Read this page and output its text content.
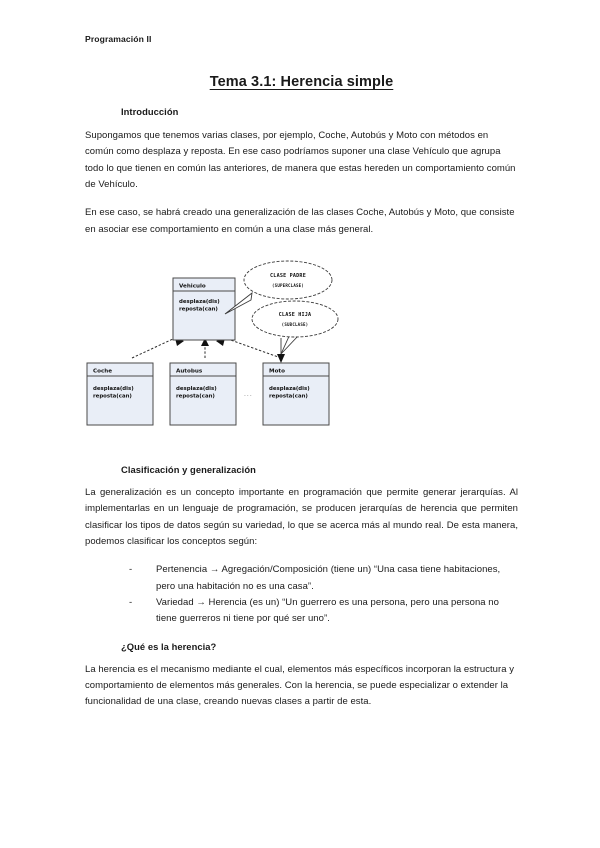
Programación II
Tema 3.1: Herencia simple
Introducción

Supongamos que tenemos varias clases, por ejemplo, Coche, Autobús y Moto con métodos en común como desplaza y reposta. En ese caso podríamos suponer una clase Vehículo que agrupa todo lo que tienen en común las anteriores, de manera que estas hereden un comportamiento común de Vehículo.

En ese caso, se habrá creado una generalización de las clases Coche, Autobús y Moto, que consiste en asociar ese comportamiento en común a una clase más general.

Vehiculo
desplaza(dis)
reposta(can)
CLASE PADRE
(SUPERCLASE)
CLASE HIJA
(SUBCLASE)
Coche
desplaza(dis)
reposta(can)
Autobus
desplaza(dis)
reposta(can)	...
Moto
desplaza(dis)
reposta(can)
Clasificación y generalización

La generalización es un concepto importante en programación que permite generar jerarquías. Al implementarlas en un lenguaje de programación, se producen jerarquías de herencia que permiten clasificar los tipos de datos según su variedad, lo que se acerca más al mundo real. De esta manera, podemos clasificar los conceptos según:

-	Pertenencia → Agregación/Composición (tiene un) “Una casa tiene habitaciones, pero una habitación no es una casa”.
-	Variedad → Herencia (es un) “Un guerrero es una persona, pero una persona no tiene guerreros ni tiene por qué ser uno”.
¿Qué es la herencia?

La herencia es el mecanismo mediante el cual, elementos más específicos incorporan la estructura y comportamiento de elementos más generales. Con la herencia, se puede especializar o extender la funcionalidad de una clase, creando nuevas clases a partir de esta.
